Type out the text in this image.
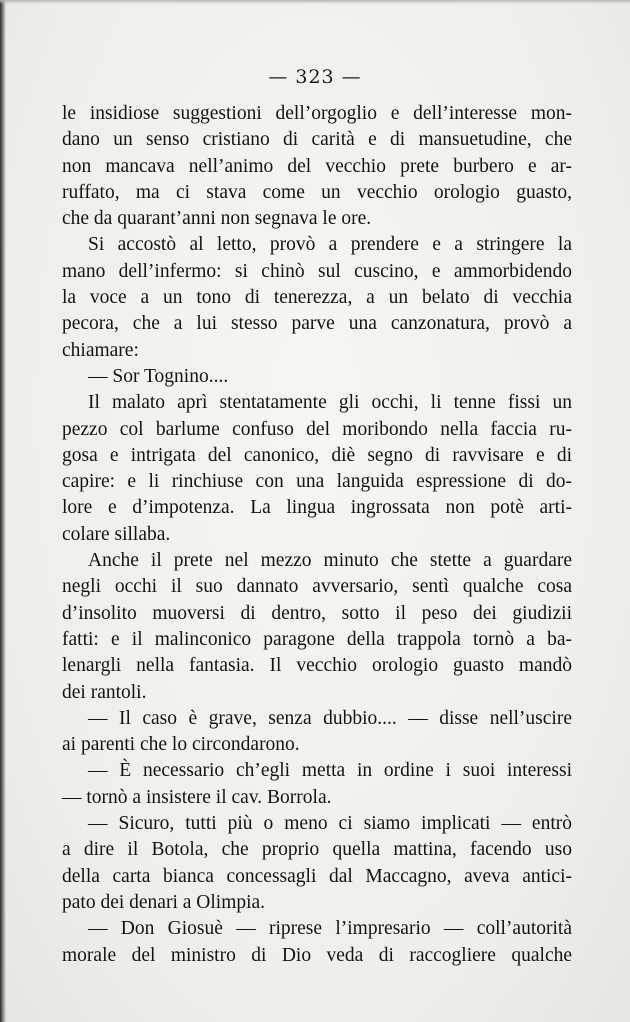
— 323 —

le insidiose suggestioni dell’orgoglio e dell’interesse mon-
dano un senso cristiano di carità e di mansuetudine, che
non mancava nell’animo del vecchio prete burbero e ar-
ruffato, ma ci stava come un vecchio orologio guasto,
che da quarant’anni non segnava le ore.
Si accostò al letto, provò a prendere e a stringere la
mano dell’infermo: si chinò sul cuscino, e ammorbidendo
la voce a un tono di tenerezza, a un belato di vecchia
pecora, che a lui stesso parve una canzonatura, provò a
chiamare:
— Sor Tognino....
Il malato aprì stentatamente gli occhi, li tenne fissi un
pezzo col barlume confuso del moribondo nella faccia ru-
gosa e intrigata del canonico, diè segno di ravvisare e di
capire: e li rinchiuse con una languida espressione di do-
lore e d’impotenza. La lingua ingrossata non potè arti-
colare sillaba.
Anche il prete nel mezzo minuto che stette a guardare
negli occhi il suo dannato avversario, sentì qualche cosa
d’insolito muoversi di dentro, sotto il peso dei giudizii
fatti: e il malinconico paragone della trappola tornò a ba-
lenargli nella fantasia. Il vecchio orologio guasto mandò
dei rantoli.
— Il caso è grave, senza dubbio.... — disse nell’uscire
ai parenti che lo circondarono.
— È necessario ch’egli metta in ordine i suoi interessi
— tornò a insistere il cav. Borrola.
— Sicuro, tutti più o meno ci siamo implicati — entrò
a dire il Botola, che proprio quella mattina, facendo uso
della carta bianca concessagli dal Maccagno, aveva antici-
pato dei denari a Olimpia.
— Don Giosuè — riprese l’impresario — coll’autorità
morale del ministro di Dio veda di raccogliere qualche
